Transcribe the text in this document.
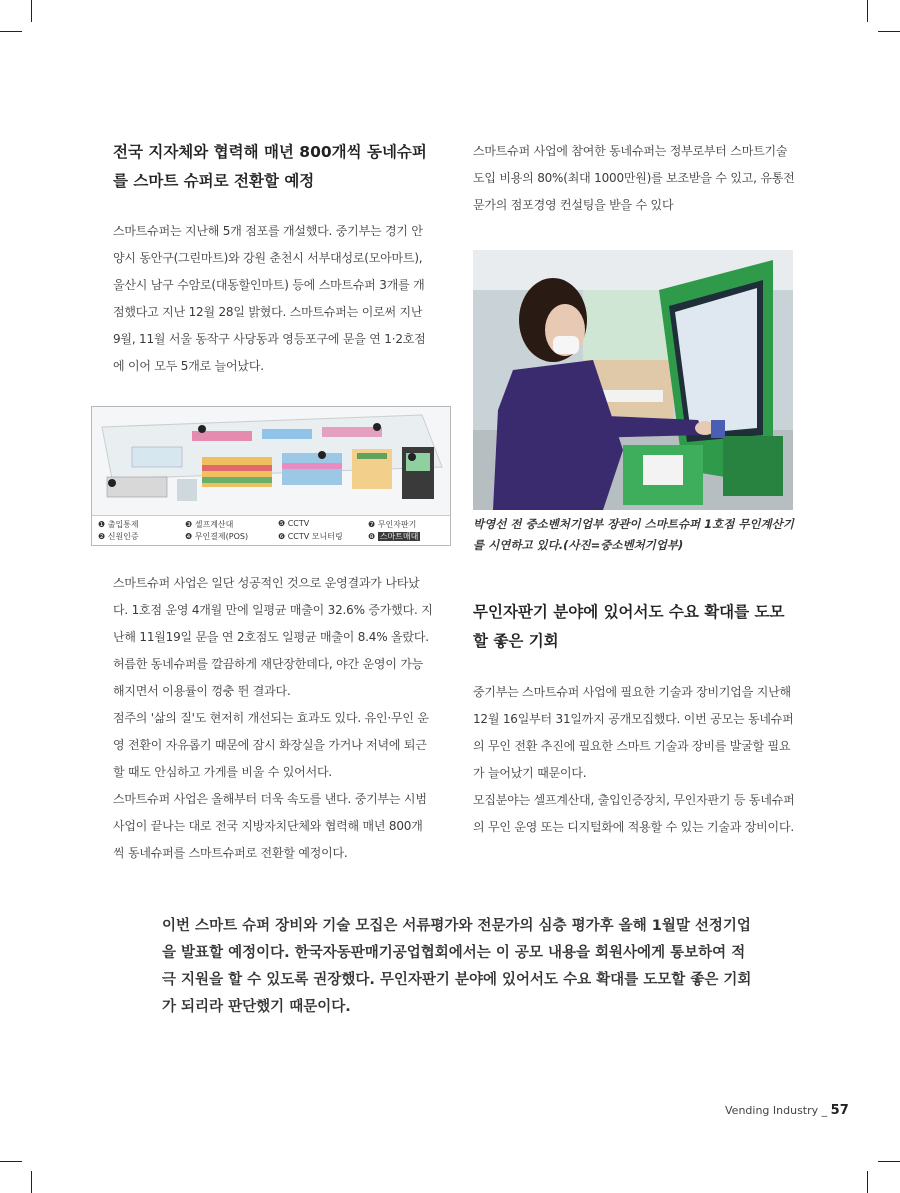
전국 지자체와 협력해 매년 800개씩 동네슈퍼를 스마트 슈퍼로 전환할 예정

스마트슈퍼는 지난해 5개 점포를 개설했다. 중기부는 경기 안양시 동안구(그린마트)와 강원 춘천시 서부대성로(모아마트), 울산시 남구 수암로(대동할인마트) 등에 스마트슈퍼 3개를 개점했다고 지난 12월 28일 밝혔다. 스마트슈퍼는 이로써 지난 9월, 11월 서울 동작구 사당동과 영등포구에 문을 연 1·2호점에 이어 모두 5개로 늘어났다.

❶ 출입통제
❷ 신원인증
❸ 셀프계산대
❹ 무인결제(POS)
❺ CCTV
❻ CCTV 모니터링
❼ 무인자판기
❽ 스마트매대

스마트슈퍼 사업은 일단 성공적인 것으로 운영결과가 나타났다. 1호점 운영 4개월 만에 일평균 매출이 32.6% 증가했다. 지난해 11월19일 문을 연 2호점도 일평균 매출이 8.4% 올랐다. 허름한 동네슈퍼를 깔끔하게 재단장한데다, 야간 운영이 가능해지면서 이용률이 껑충 뛴 결과다.

점주의 '삶의 질'도 현저히 개선되는 효과도 있다. 유인·무인 운영 전환이 자유롭기 때문에 잠시 화장실을 가거나 저녁에 퇴근할 때도 안심하고 가게를 비울 수 있어서다.

스마트슈퍼 사업은 올해부터 더욱 속도를 낸다. 중기부는 시범사업이 끝나는 대로 전국 지방자치단체와 협력해 매년 800개씩 동네슈퍼를 스마트슈퍼로 전환할 예정이다.

스마트슈퍼 사업에 참여한 동네슈퍼는 정부로부터 스마트기술 도입 비용의 80%(최대 1000만원)를 보조받을 수 있고, 유통전문가의 점포경영 컨설팅을 받을 수 있다

박영선 전 중소벤처기업부 장관이 스마트슈퍼 1호점 무인계산기를 시연하고 있다.(사진=중소벤처기업부)
무인자판기 분야에 있어서도 수요 확대를 도모할 좋은 기회

중기부는 스마트슈퍼 사업에 필요한 기술과 장비기업을 지난해 12월 16일부터 31일까지 공개모집했다. 이번 공모는 동네슈퍼의 무인 전환 추진에 필요한 스마트 기술과 장비를 발굴할 필요가 늘어났기 때문이다.

모집분야는 셀프계산대, 출입인증장치, 무인자판기 등 동네슈퍼의 무인 운영 또는 디지털화에 적용할 수 있는 기술과 장비이다.

이번 스마트 슈퍼 장비와 기술 모집은 서류평가와 전문가의 심층 평가후 올해 1월말 선정기업을 발표할 예정이다. 한국자동판매기공업협회에서는 이 공모 내용을 회원사에게 통보하여 적극 지원을 할 수 있도록 권장했다. 무인자판기 분야에 있어서도 수요 확대를 도모할 좋은 기회가 되리라 판단했기 때문이다.

Vending Industry _ 57
